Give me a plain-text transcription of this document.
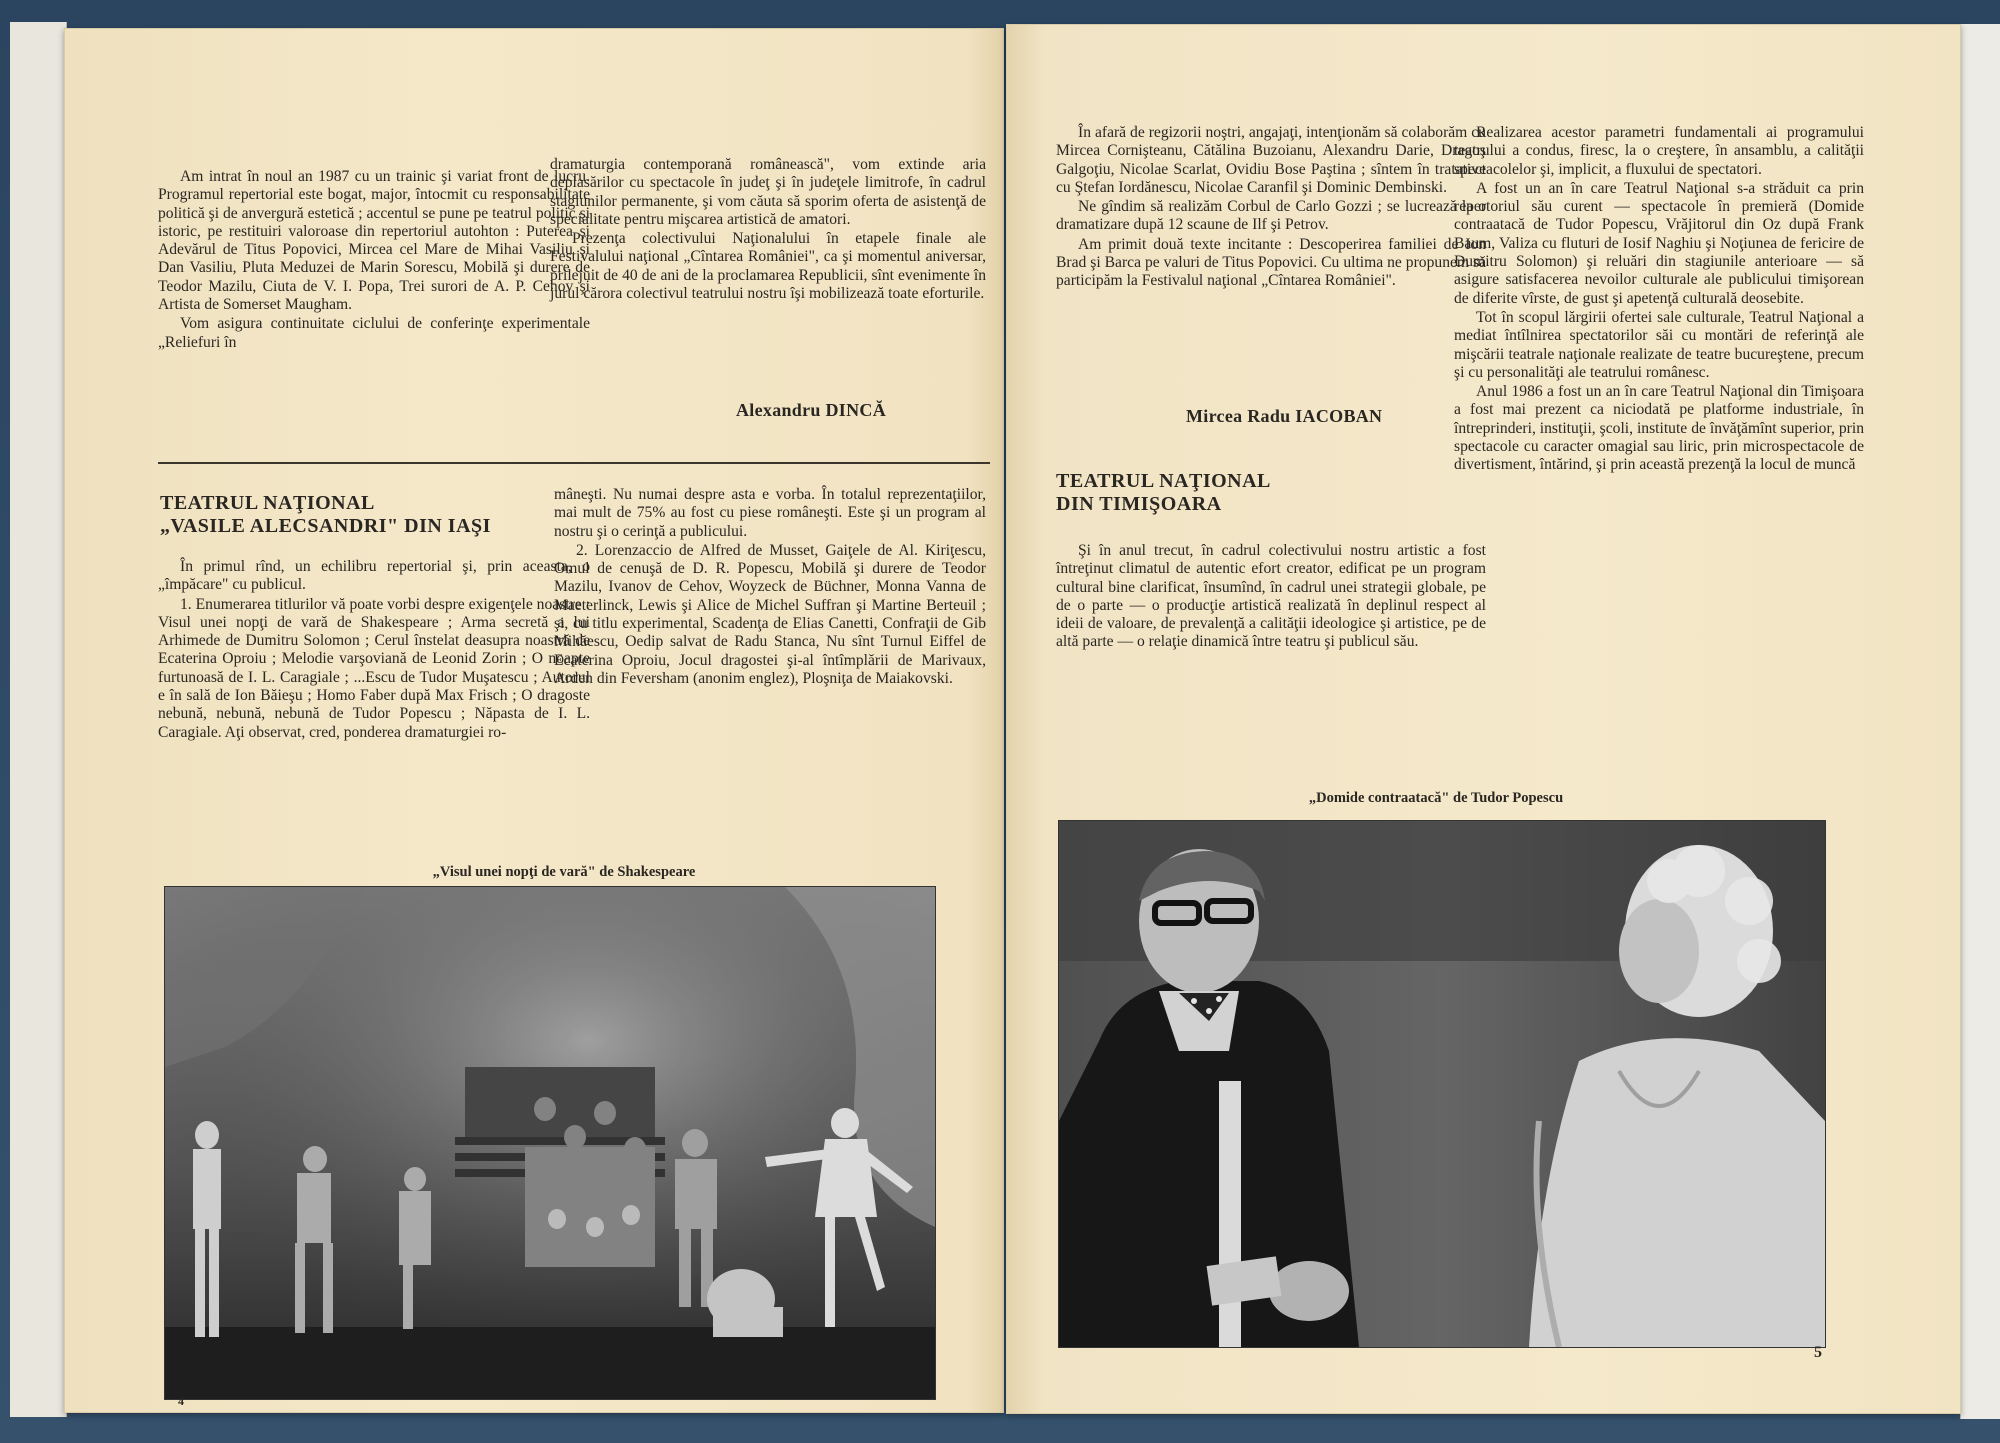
Am intrat în noul an 1987 cu un trainic şi variat front de lucru. Programul repertorial este bogat, major, întocmit cu responsabilitate politică şi de anvergură estetică ; accentul se pune pe teatrul politic şi istoric, pe restituiri valoroase din repertoriul autohton : Puterea şi Adevărul de Titus Popovici, Mircea cel Mare de Mihai Vasiliu şi Dan Vasiliu, Pluta Meduzei de Marin Sorescu, Mobilă şi durere de Teodor Mazilu, Ciuta de V. I. Popa, Trei surori de A. P. Cehov şi Artista de Somerset Maugham.

Vom asigura continuitate ciclului de conferinţe experimentale „Reliefuri în

dramaturgia contemporană românească", vom extinde aria deplasărilor cu spectacole în judeţ şi în judeţele limitrofe, în cadrul stagiunilor permanente, şi vom căuta să sporim oferta de asistenţă de specialitate pentru mişcarea artistică de amatori.

Prezenţa colectivului Naţionalului în etapele finale ale Festivalului naţional „Cîntarea României", ca şi momentul aniversar, prilejuit de 40 de ani de la proclamarea Republicii, sînt evenimente în jurul cărora colectivul teatrului nostru îşi mobilizează toate eforturile.

Alexandru DINCĂ
TEATRUL NAŢIONAL
„VASILE ALECSANDRI" DIN IAŞI

În primul rînd, un echilibru repertorial şi, prin aceasta, o „împăcare" cu publicul.

1. Enumerarea titlurilor vă poate vorbi despre exigenţele noastre : Visul unei nopţi de vară de Shakespeare ; Arma secretă a lui Arhimede de Dumitru Solomon ; Cerul înstelat deasupra noastră de Ecaterina Oproiu ; Melodie varşoviană de Leonid Zorin ; O noapte furtunoasă de I. L. Caragiale ; ...Escu de Tudor Muşatescu ; Autorul e în sală de Ion Băieşu ; Homo Faber după Max Frisch ; O dragoste nebună, nebună, nebună de Tudor Popescu ; Năpasta de I. L. Caragiale. Aţi observat, cred, ponderea dramaturgiei ro-

mâneşti. Nu numai despre asta e vorba. În totalul reprezentaţiilor, mai mult de 75% au fost cu piese româneşti. Este şi un program al nostru şi o cerinţă a publicului.

2. Lorenzaccio de Alfred de Musset, Gaiţele de Al. Kiriţescu, Omul de cenuşă de D. R. Popescu, Mobilă şi durere de Teodor Mazilu, Ivanov de Cehov, Woyzeck de Büchner, Monna Vanna de Maeterlinck, Lewis şi Alice de Michel Suffran şi Martine Berteuil ; şi, cu titlu experimental, Scadenţa de Elias Canetti, Confraţii de Gib Mihăescu, Oedip salvat de Radu Stanca, Nu sînt Turnul Eiffel de Ecaterina Oproiu, Jocul dragostei şi-al întîmplării de Marivaux, Arden din Feversham (anonim englez), Ploşniţa de Maiakovski.

„Visul unei nopţi de vară" de Shakespeare
4

În afară de regizorii noştri, angajaţi, intenţionăm să colaborăm cu Mircea Cornişteanu, Cătălina Buzoianu, Alexandru Darie, Dragoş Galgoţiu, Nicolae Scarlat, Ovidiu Bose Paştina ; sîntem în tratative cu Ştefan Iordănescu, Nicolae Caranfil şi Dominic Dembinski.

Ne gîndim să realizăm Corbul de Carlo Gozzi ; se lucrează la o dramatizare după 12 scaune de Ilf şi Petrov.

Am primit două texte incitante : Descoperirea familiei de Ion Brad şi Barca pe valuri de Titus Popovici. Cu ultima ne propunem să participăm la Festivalul naţional „Cîntarea României".

Mircea Radu IACOBAN
TEATRUL NAŢIONAL
DIN TIMIŞOARA

Şi în anul trecut, în cadrul colectivului nostru artistic a fost întreţinut climatul de autentic efort creator, edificat pe un program cultural bine clarificat, însumînd, în cadrul unei strategii globale, pe de o parte — o producţie artistică realizată în deplinul respect al ideii de valoare, de prevalenţă a calităţii ideologice şi artistice, pe de altă parte — o relaţie dinamică între teatru şi publicul său.

Realizarea acestor parametri fundamentali ai programului teatrului a condus, firesc, la o creştere, în ansamblu, a calităţii spectacolelor şi, implicit, a fluxului de spectatori.

A fost un an în care Teatrul Naţional s-a străduit ca prin repertoriul său curent — spectacole în premieră (Domide contraatacă de Tudor Popescu, Vrăjitorul din Oz după Frank Baum, Valiza cu fluturi de Iosif Naghiu şi Noţiunea de fericire de Dumitru Solomon) şi reluări din stagiunile anterioare — să asigure satisfacerea nevoilor culturale ale publicului timişorean de diferite vîrste, de gust şi apetenţă culturală deosebite.

Tot în scopul lărgirii ofertei sale culturale, Teatrul Naţional a mediat întîlnirea spectatorilor săi cu montări de referinţă ale mişcării teatrale naţionale realizate de teatre bucureştene, precum şi cu personalităţi ale teatrului românesc.

Anul 1986 a fost un an în care Teatrul Naţional din Timişoara a fost mai prezent ca niciodată pe platforme industriale, în întreprinderi, instituţii, şcoli, institute de învăţămînt superior, prin spectacole cu caracter omagial sau liric, prin microspectacole de divertisment, întărind, şi prin această prezenţă la locul de muncă

„Domide contraatacă" de Tudor Popescu
5
